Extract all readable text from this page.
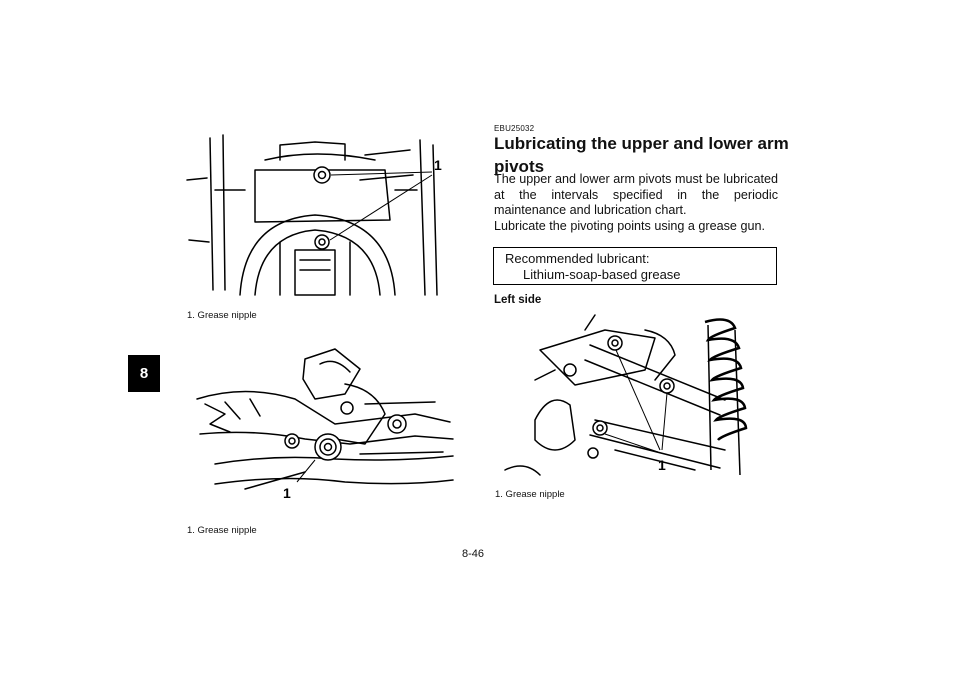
8
1
1. Grease nipple
1
1. Grease nipple
EBU25032
Lubricating the upper and lower arm
pivots
The upper and lower arm pivots must be lubricated at the intervals specified in the periodic maintenance and lubrication chart.
Lubricate the pivoting points using a grease gun.
Recommended lubricant:
Lithium-soap-based grease
Left side
1
1. Grease nipple
8-46
